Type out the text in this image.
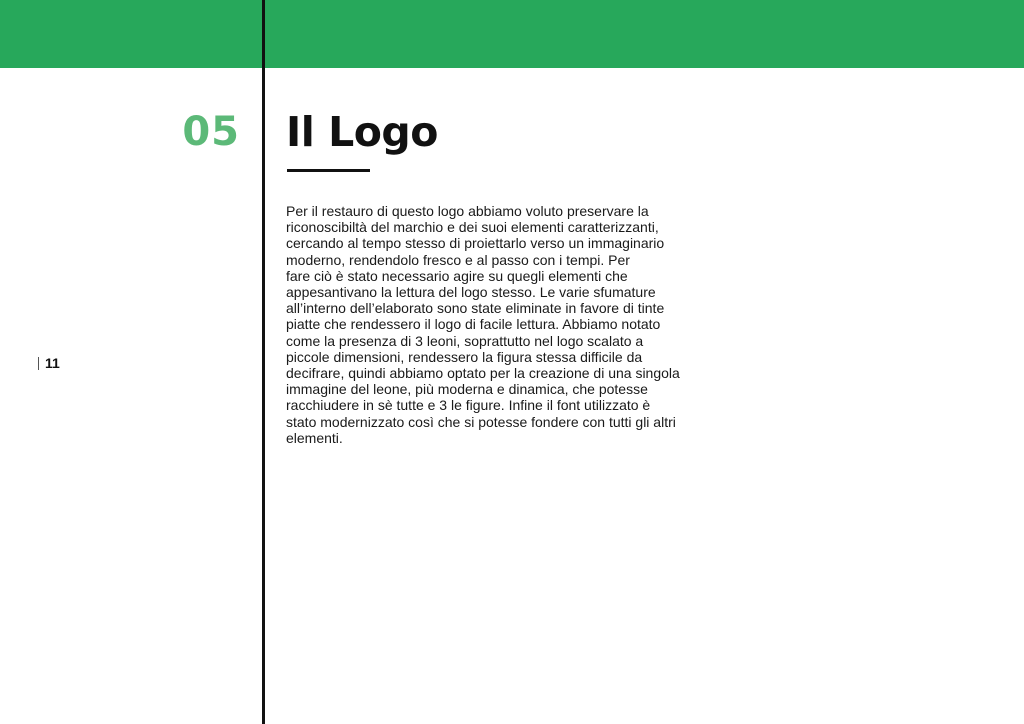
05 Il Logo
Per il restauro di questo logo abbiamo voluto preservare la
riconoscibiltà del marchio e dei suoi elementi caratterizzanti,
cercando al tempo stesso di proiettarlo verso un immaginario
moderno, rendendolo fresco e al passo con i tempi. Per
fare ciò è stato necessario agire su quegli elementi che
appesantivano la lettura del logo stesso. Le varie sfumature
all’interno dell’elaborato sono state eliminate in favore di tinte
piatte che rendessero il logo di facile lettura. Abbiamo notato
come la presenza di 3 leoni, soprattutto nel logo scalato a
piccole dimensioni, rendessero la figura stessa difficile da
decifrare, quindi abbiamo optato per la creazione di una singola
immagine del leone, più moderna e dinamica, che potesse
racchiudere in sè tutte e 3 le figure. Infine il font utilizzato è
stato modernizzato così che si potesse fondere con tutti gli altri
elementi.
11
